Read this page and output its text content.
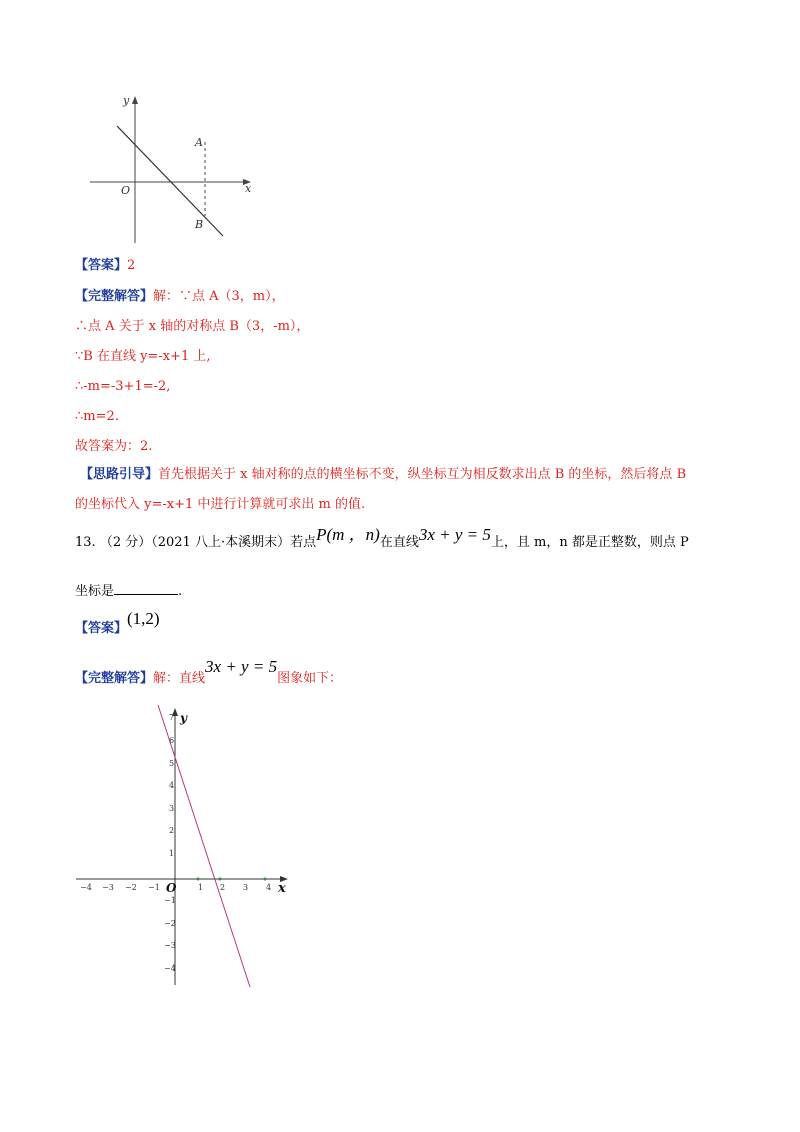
y
x
O
A
B
【答案】2
【完整解答】解：∵点 A（3，m），
∴点 A 关于 x 轴的对称点 B（3，-m），
∵B 在直线 y=-x+1 上,
∴-m=-3+1=-2,
∴m=2.
故答案为：2.
【思路引导】首先根据关于 x 轴对称的点的横坐标不变，纵坐标互为相反数求出点 B 的坐标，然后将点 B
的坐标代入 y=-x+1 中进行计算就可求出 m 的值.
13. （2 分）（2021 八上·本溪期末）若点P(m ，n)在直线3x + y = 5上，且 m，n 都是正整数，则点 P
坐标是	.
【答案】(1,2)
【完整解答】解：直线3x + y = 5图象如下：
−4 −3 −2 −1	1 2 3 4
7
6
5
4
3
2
1
−1
−2
−3
−4
y
x
O
